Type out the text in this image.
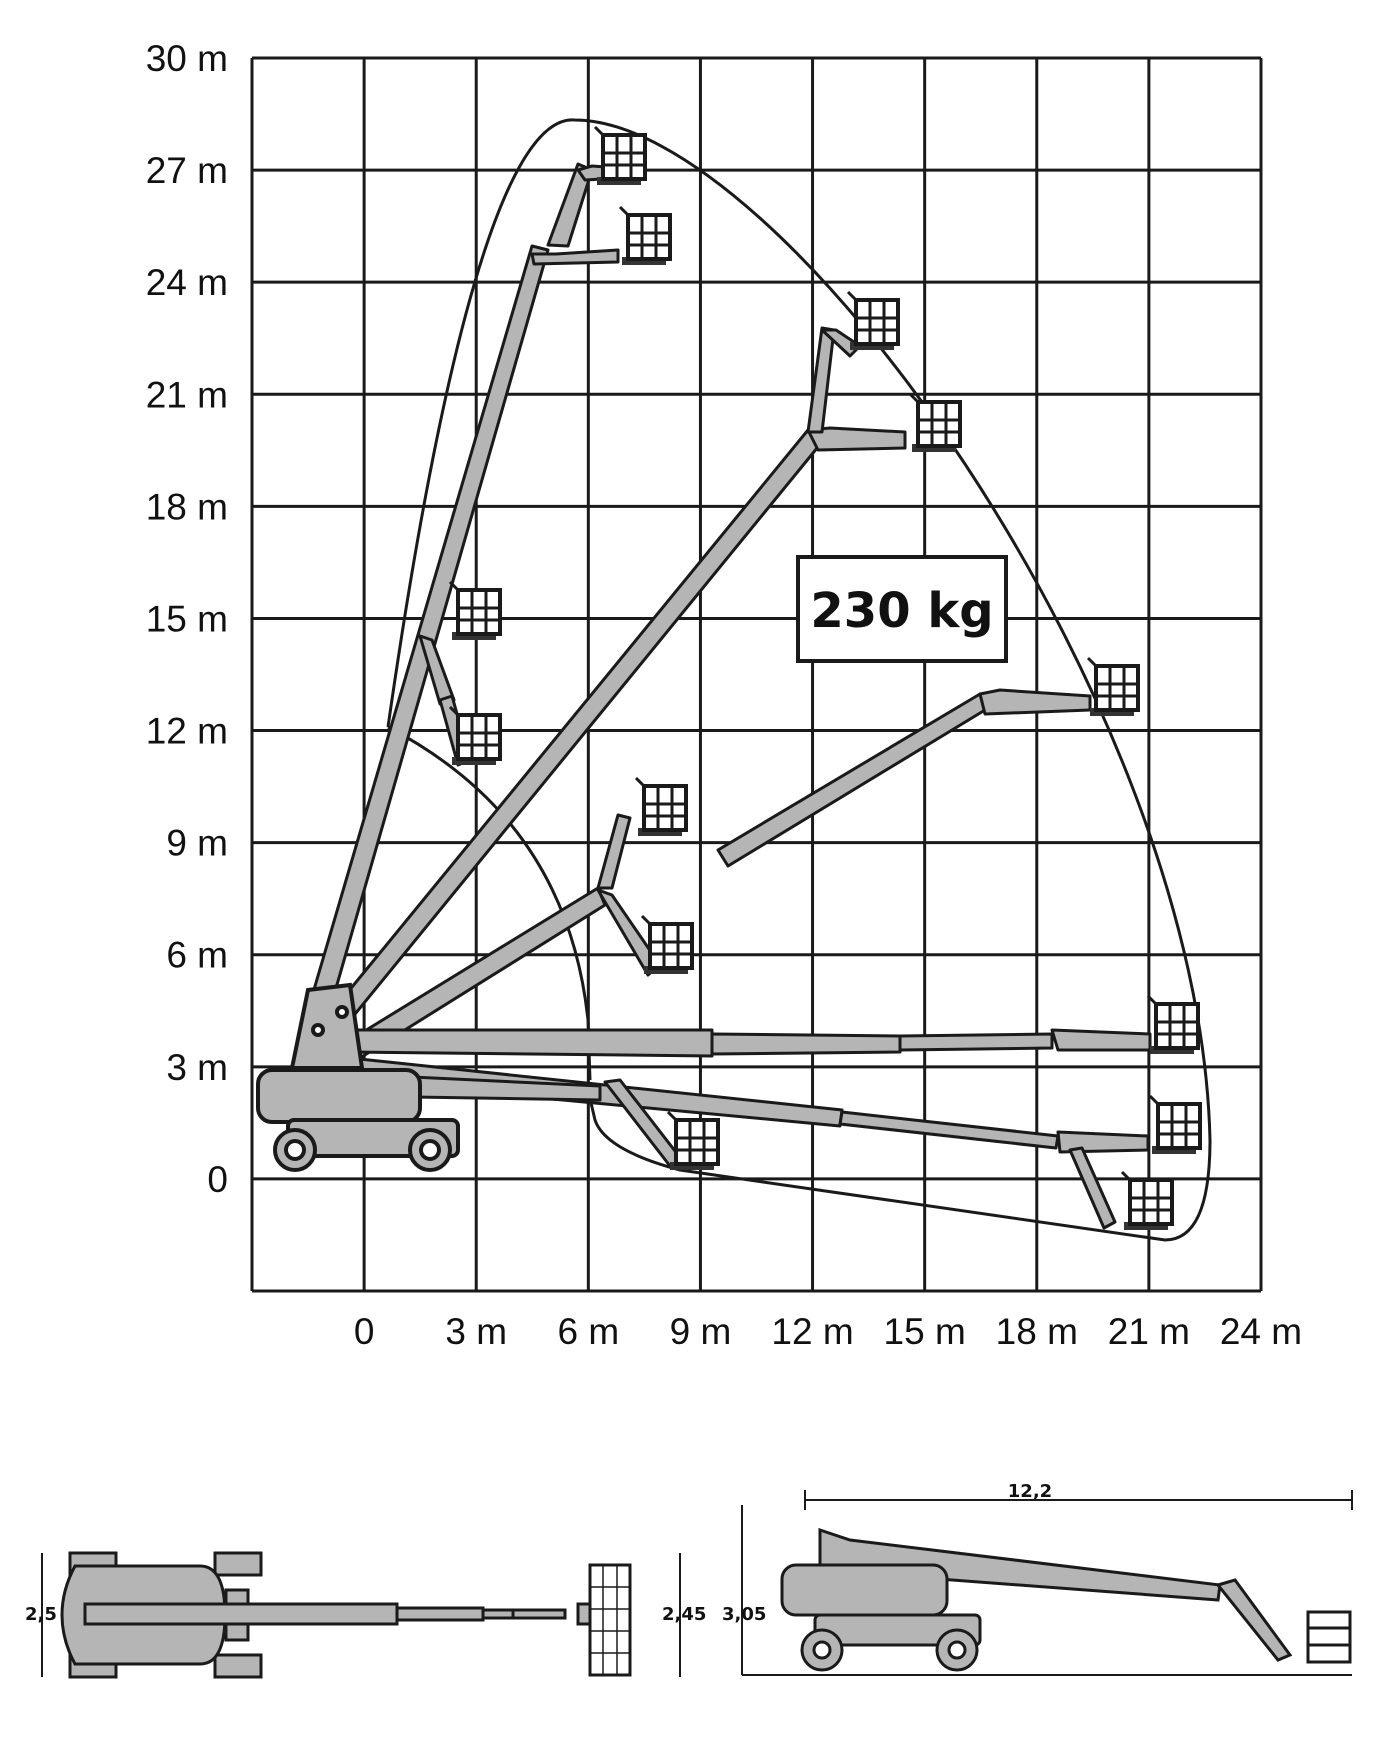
0
3 m
6 m
9 m
12 m
15 m
18 m
21 m
24 m
27 m
30 m
0 3 m 6 m 9 m 12 m 15 m 18 m 21 m 24 m
230 kg
2,5	2,45
12,2
3,05
